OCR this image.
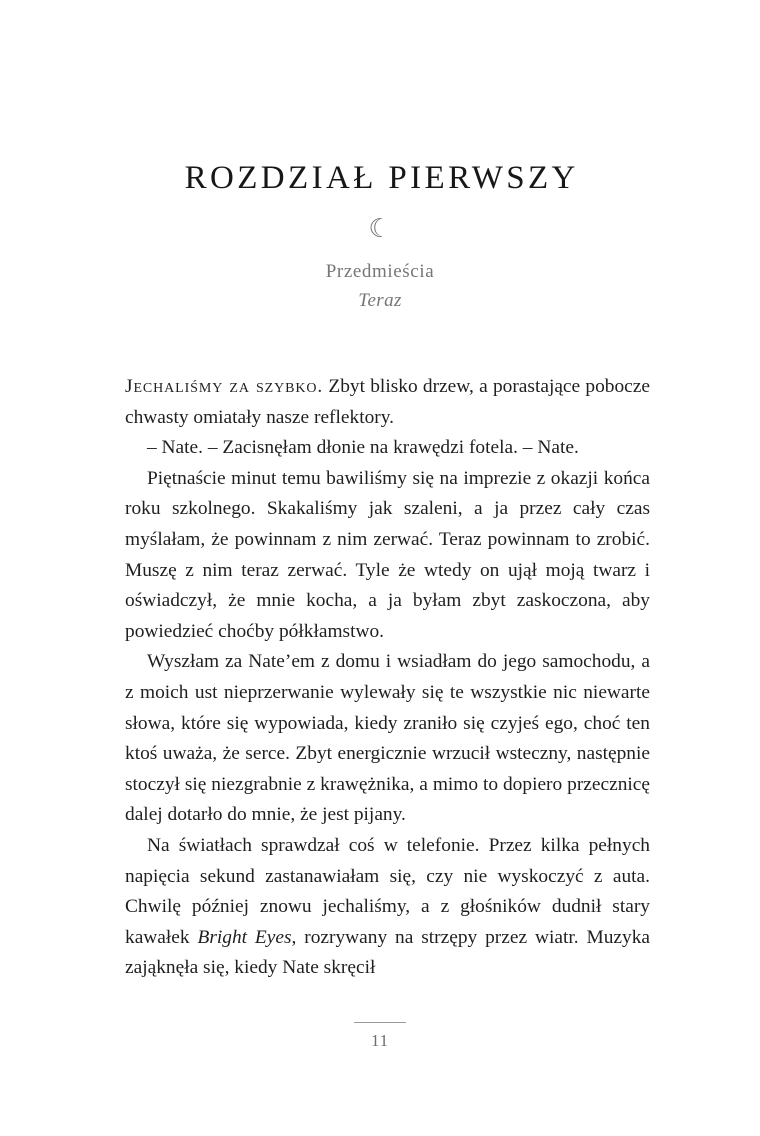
ROZDZIAŁ PIERWSZY
☾
Przedmieścia
Teraz

Jechaliśmy za szybko. Zbyt blisko drzew, a porastające pobocze chwasty omiatały nasze reflektory.

– Nate. – Zacisnęłam dłonie na krawędzi fotela. – Nate.

Piętnaście minut temu bawiliśmy się na imprezie z okazji końca roku szkolnego. Skakaliśmy jak szaleni, a ja przez cały czas myślałam, że powinnam z nim zerwać. Teraz powinnam to zrobić. Muszę z nim teraz zerwać. Tyle że wtedy on ujął moją twarz i oświadczył, że mnie kocha, a ja byłam zbyt zaskoczona, aby powiedzieć choćby półkłamstwo.

Wyszłam za Nate’em z domu i wsiadłam do jego samochodu, a z moich ust nieprzerwanie wylewały się te wszystkie nic niewarte słowa, które się wypowiada, kiedy zraniło się czyjeś ego, choć ten ktoś uważa, że serce. Zbyt energicznie wrzucił wsteczny, następnie stoczył się niezgrabnie z krawężnika, a mimo to dopiero przecznicę dalej dotarło do mnie, że jest pijany.

Na światłach sprawdzał coś w telefonie. Przez kilka pełnych napięcia sekund zastanawiałam się, czy nie wyskoczyć z auta. Chwilę później znowu jechaliśmy, a z głośników dudnił stary kawałek Bright Eyes, rozrywany na strzępy przez wiatr. Muzyka zająknęła się, kiedy Nate skręcił

11
